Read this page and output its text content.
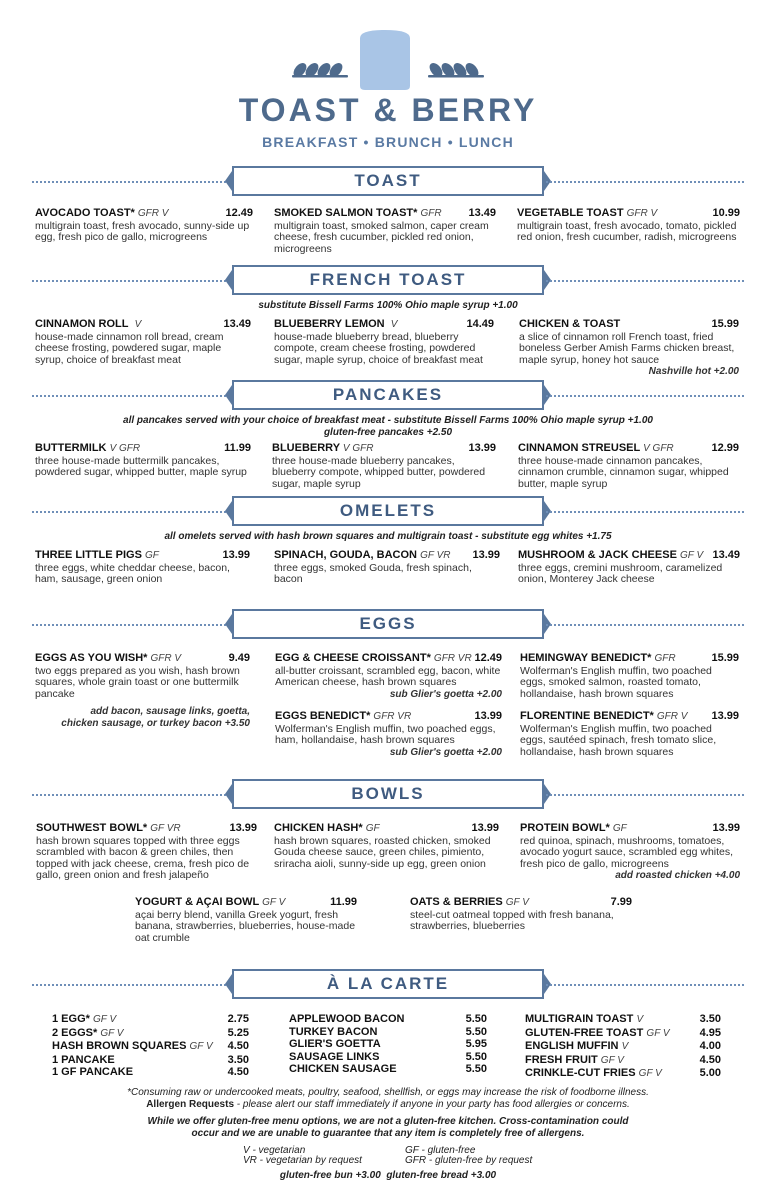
TOAST & BERRY
BREAKFAST • BRUNCH • LUNCH
TOAST
AVOCADO TOAST* GFR V	12.49
multigrain toast, fresh avocado, sunny-side up egg, fresh pico de gallo, microgreens
SMOKED SALMON TOAST* GFR 13.49
multigrain toast, smoked salmon, caper cream cheese, fresh cucumber, pickled red onion, microgreens
VEGETABLE TOAST GFR V	10.99
multigrain toast, fresh avocado, tomato, pickled red onion, fresh cucumber, radish, microgreens
FRENCH TOAST
substitute Bissell Farms 100% Ohio maple syrup +1.00
CINNAMON ROLL V	13.49
house-made cinnamon roll bread, cream cheese frosting, powdered sugar, maple syrup, choice of breakfast meat
BLUEBERRY LEMON V	14.49
house-made blueberry bread, blueberry compote, cream cheese frosting, powdered sugar, maple syrup, choice of breakfast meat
CHICKEN & TOAST	15.99
a slice of cinnamon roll French toast, fried boneless Gerber Amish Farms chicken breast, maple syrup, honey hot sauce
Nashville hot +2.00
PANCAKES
all pancakes served with your choice of breakfast meat - substitute Bissell Farms 100% Ohio maple syrup +1.00
gluten-free pancakes +2.50
BUTTERMILK V GFR	11.99
three house-made buttermilk pancakes, powdered sugar, whipped butter, maple syrup
BLUEBERRY V GFR	13.99
three house-made blueberry pancakes, blueberry compote, whipped butter, powdered sugar, maple syrup
CINNAMON STREUSEL V GFR	12.99
three house-made cinnamon pancakes, cinnamon crumble, cinnamon sugar, whipped butter, maple syrup
OMELETS
all omelets served with hash brown squares and multigrain toast - substitute egg whites +1.75
THREE LITTLE PIGS GF	13.99
three eggs, white cheddar cheese, bacon, ham, sausage, green onion
SPINACH, GOUDA, BACON GF VR 13.99
three eggs, smoked Gouda, fresh spinach, bacon
MUSHROOM & JACK CHEESE GF V 13.49
three eggs, cremini mushroom, caramelized onion, Monterey Jack cheese
EGGS
EGGS AS YOU WISH* GFR V	9.49
two eggs prepared as you wish, hash brown squares, whole grain toast or one buttermilk pancake
add bacon, sausage links, goetta, chicken sausage, or turkey bacon +3.50
EGG & CHEESE CROISSANT* GFR VR 12.49
all-butter croissant, scrambled egg, bacon, white American cheese, hash brown squares
sub Glier's goetta +2.00
HEMINGWAY BENEDICT* GFR	15.99
Wolferman's English muffin, two poached eggs, smoked salmon, roasted tomato, hollandaise, hash brown squares
EGGS BENEDICT* GFR VR	13.99
Wolferman's English muffin, two poached eggs, ham, hollandaise, hash brown squares
sub Glier's goetta +2.00
FLORENTINE BENEDICT* GFR V 13.99
Wolferman's English muffin, two poached eggs, sautéed spinach, fresh tomato slice, hollandaise, hash brown squares
BOWLS
SOUTHWEST BOWL* GF VR	13.99
hash brown squares topped with three eggs scrambled with bacon & green chiles, then topped with jack cheese, crema, fresh pico de gallo, green onion and fresh jalapeño
CHICKEN HASH* GF	13.99
hash brown squares, roasted chicken, smoked Gouda cheese sauce, green chiles, pimiento, sriracha aioli, sunny-side up egg, green onion
PROTEIN BOWL* GF	13.99
red quinoa, spinach, mushrooms, tomatoes, avocado yogurt sauce, scrambled egg whites, fresh pico de gallo, microgreens
add roasted chicken +4.00
YOGURT & AÇAI BOWL GF V	11.99
açai berry blend, vanilla Greek yogurt, fresh banana, strawberries, blueberries, house-made oat crumble
OATS & BERRIES GF V	7.99
steel-cut oatmeal topped with fresh banana, strawberries, blueberries
À LA CARTE
1 EGG* GF V	2.75
2 EGGS* GF V	5.25
HASH BROWN SQUARES GF V 4.50
1 PANCAKE	3.50
1 GF PANCAKE	4.50
APPLEWOOD BACON	5.50
TURKEY BACON	5.50
GLIER'S GOETTA	5.95
SAUSAGE LINKS	5.50
CHICKEN SAUSAGE	5.50
MULTIGRAIN TOAST V	3.50
GLUTEN-FREE TOAST GF V	4.95
ENGLISH MUFFIN V	4.00
FRESH FRUIT GF V	4.50
CRINKLE-CUT FRIES GF V	5.00
*Consuming raw or undercooked meats, poultry, seafood, shellfish, or eggs may increase the risk of foodborne illness.
Allergen Requests - please alert our staff immediately if anyone in your party has food allergies or concerns.
While we offer gluten-free menu options, we are not a gluten-free kitchen. Cross-contamination could
occur and we are unable to guarantee that any item is completely free of allergens.
V - vegetarian
VR - vegetarian by request
GF - gluten-free
GFR - gluten-free by request
gluten-free bun +3.00  gluten-free bread +3.00
